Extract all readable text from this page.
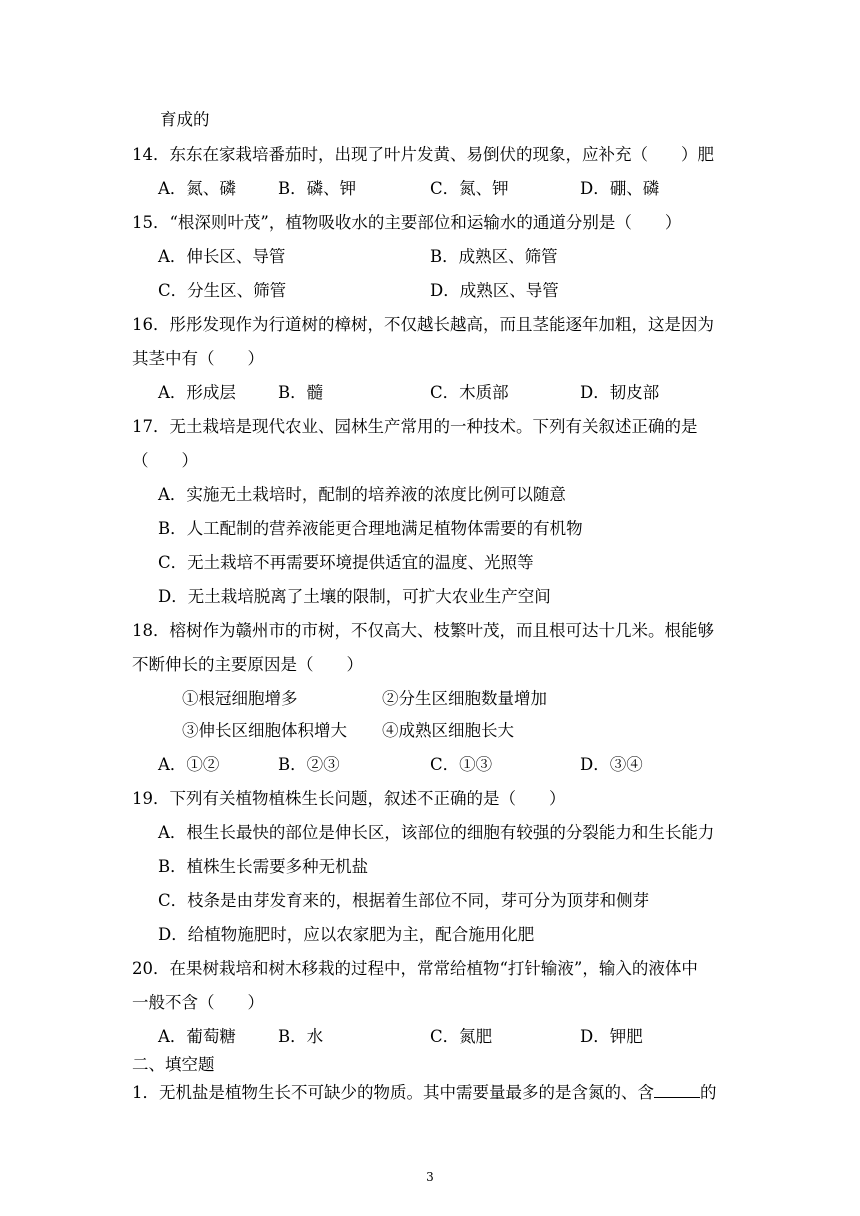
育成的
14．东东在家栽培番茄时，出现了叶片发黄、易倒伏的现象，应补充（　　）肥
A．氮、磷	B．磷、钾	C．氮、钾	D．硼、磷
15．“根深则叶茂”，植物吸收水的主要部位和运输水的通道分别是（　　）
A．伸长区、导管	B．成熟区、筛管
C．分生区、筛管	D．成熟区、导管
16．彤彤发现作为行道树的樟树，不仅越长越高，而且茎能逐年加粗，这是因为
其茎中有（　　）
A．形成层	B．髓	C．木质部	D．韧皮部
17．无土栽培是现代农业、园林生产常用的一种技术。下列有关叙述正确的是
（　　）
A．实施无土栽培时，配制的培养液的浓度比例可以随意
B．人工配制的营养液能更合理地满足植物体需要的有机物
C．无土栽培不再需要环境提供适宜的温度、光照等
D．无土栽培脱离了土壤的限制，可扩大农业生产空间
18．榕树作为赣州市的市树，不仅高大、枝繁叶茂，而且根可达十几米。根能够
不断伸长的主要原因是（　　）
①根冠细胞增多	②分生区细胞数量增加
③伸长区细胞体积增大 ④成熟区细胞长大
A．①②	B．②③	C．①③	D．③④
19．下列有关植物植株生长问题，叙述不正确的是（　　）
A．根生长最快的部位是伸长区，该部位的细胞有较强的分裂能力和生长能力
B．植株生长需要多种无机盐
C．枝条是由芽发育来的，根据着生部位不同，芽可分为顶芽和侧芽
D．给植物施肥时，应以农家肥为主，配合施用化肥
20．在果树栽培和树木移栽的过程中，常常给植物“打针输液”，输入的液体中
一般不含（　　）
A．葡萄糖	B．水	C．氮肥	D．钾肥
二、填空题
1．无机盐是植物生长不可缺少的物质。其中需要量最多的是含氮的、含	的
3
